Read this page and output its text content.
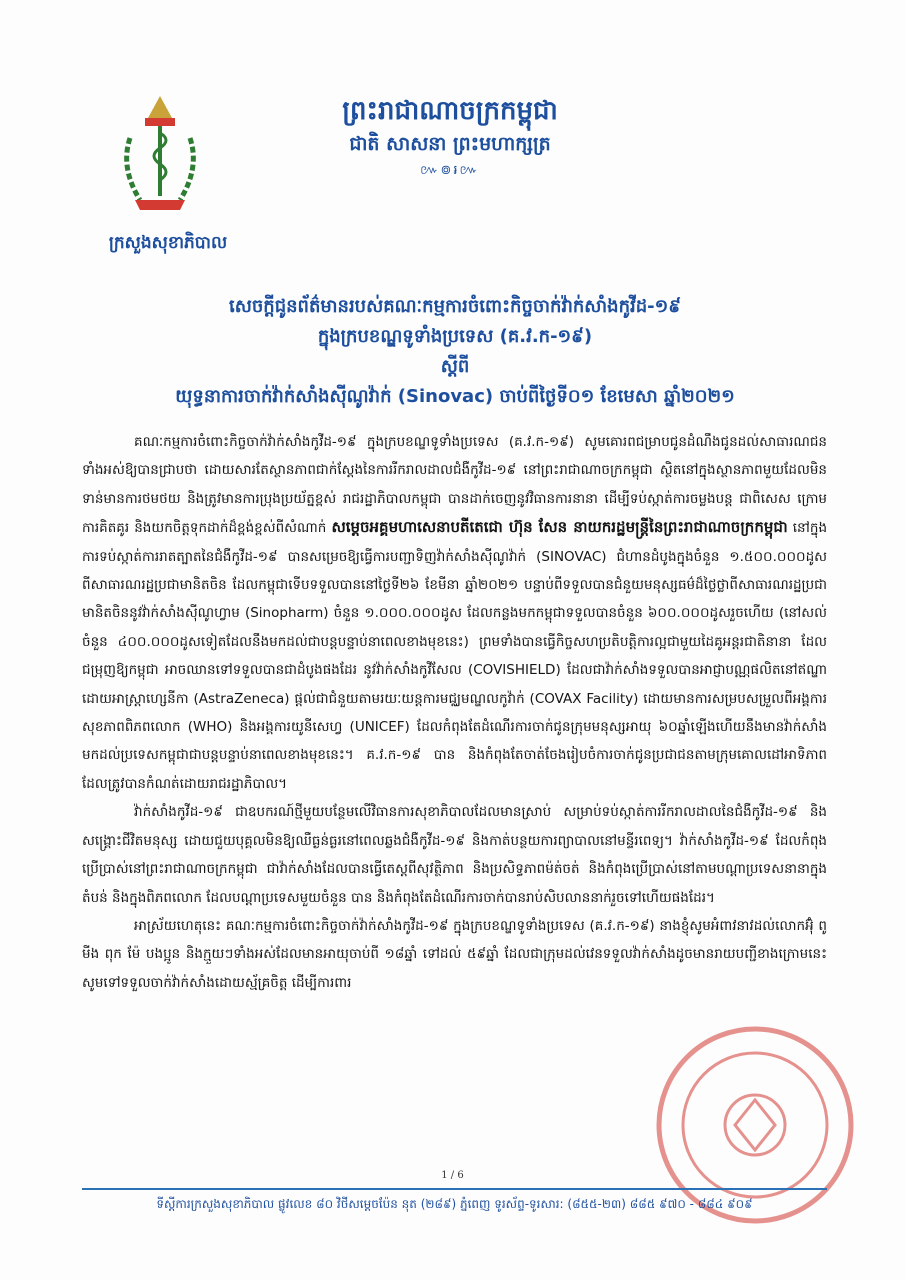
ក្រសួងសុខាភិបាល
ព្រះរាជាណាចក្រកម្ពុជា
ជាតិ សាសនា ព្រះមហាក្សត្រ
៚៙៛៚
សេចក្ដីជូនព័ត៌មានរបស់គណៈកម្មការចំពោះកិច្ចចាក់វ៉ាក់សាំងកូវីដ-១៩
ក្នុងក្របខណ្ឌទូទាំងប្រទេស (គ.វ.ក-១៩)
ស្ដីពី
យុទ្ធនាការចាក់វ៉ាក់សាំងស៊ីណូវ៉ាក់ (Sinovac) ចាប់ពីថ្ងៃទី០១ ខែមេសា ឆ្នាំ២០២១

គណៈកម្មការចំពោះកិច្ចចាក់វ៉ាក់សាំងកូវីដ-១៩ ក្នុងក្របខណ្ឌទូទាំងប្រទេស (គ.វ.ក-១៩) សូមគោរពជម្រាបជូនដំណឹងជូនដល់សាធារណជនទាំងអស់ឱ្យបានជ្រាបថា ដោយសារតែស្ថានភាពជាក់ស្ដែងនៃការរីករាលដាលជំងឺកូវីដ-១៩ នៅព្រះរាជាណាចក្រកម្ពុជា ស្ថិតនៅក្នុងស្ថានភាពមួយដែលមិនទាន់មានការថមថយ និងត្រូវមានការប្រុងប្រយ័ត្នខ្ពស់ រាជរដ្ឋាភិបាលកម្ពុជា បានដាក់ចេញនូវវិធានការនានា ដើម្បីទប់ស្កាត់ការចម្លងបន្ត ជាពិសេស ក្រោមការគិតគូរ និងយកចិត្តទុកដាក់ដ៏ខ្ពង់ខ្ពស់ពីសំណាក់ សម្ដេចអគ្គមហាសេនាបតីតេជោ ហ៊ុន សែន នាយករដ្ឋមន្ត្រីនៃព្រះរាជាណាចក្រកម្ពុជា នៅក្នុងការទប់ស្កាត់ការរាតត្បាតនៃជំងឺកូវីដ-១៩ បានសម្រេចឱ្យធ្វើការបញ្ជាទិញវ៉ាក់សាំងស៊ីណូវ៉ាក់ (SINOVAC) ជំហានដំបូងក្នុងចំនួន ១.៥០០.០០០ដូស ពីសាធារណរដ្ឋប្រជាមានិតចិន ដែលកម្ពុជាទើបទទួលបាននៅថ្ងៃទី២៦ ខែមីនា ឆ្នាំ២០២១ បន្ទាប់ពីទទួលបានជំនួយមនុស្សធម៌ដ៏ថ្លៃថ្លាពីសាធារណរដ្ឋប្រជាមានិតចិននូវវ៉ាក់សាំងស៊ីណូហ្វាម (Sinopharm) ចំនួន ១.០០០.០០០ដូស ដែលកន្លងមកកម្ពុជាទទួលបានចំនួន ៦០០.០០០ដូសរួចហើយ (នៅសល់ចំនួន ៤០០.០០០ដូសទៀតដែលនឹងមកដល់ជាបន្តបន្ទាប់នាពេលខាងមុខនេះ) ព្រមទាំងបានធ្វើកិច្ចសហប្រតិបត្តិការល្អជាមួយដៃគូអន្តរជាតិនានា ដែលជម្រុញឱ្យកម្ពុជា អាចឈានទៅទទួលបានជាដំបូងផងដែរ នូវវ៉ាក់សាំងកូវីសែល (COVISHIELD) ដែលជាវ៉ាក់សាំងទទួលបានអាជ្ញាបណ្ណផលិតនៅឥណ្ឌាដោយអាស្ត្រាហ្សេនីកា (AstraZeneca) ផ្ដល់ជាជំនួយតាមរយៈយន្តការមជ្ឈមណ្ឌលកូវ៉ាក់ (COVAX Facility) ដោយមានការសម្របសម្រួលពីអង្គការសុខភាពពិភពលោក (WHO) និងអង្គការយូនីសេហ្វ (UNICEF) ដែលកំពុងតែដំណើរការចាក់ជូនក្រុមមនុស្សអាយុ ៦០ឆ្នាំឡើងហើយនឹងមានវ៉ាក់សាំងមកដល់ប្រទេសកម្ពុជាជាបន្តបន្ទាប់នាពេលខាងមុខនេះ។ គ.វ.ក-១៩ បាន និងកំពុងតែចាត់ចែងរៀបចំការចាក់ជូនប្រជាជនតាមក្រុមគោលដៅអាទិភាពដែលត្រូវបានកំណត់ដោយរាជរដ្ឋាភិបាល។

វ៉ាក់សាំងកូវីដ-១៩ ជាឧបករណ៍ថ្មីមួយបន្ថែមលើវិធានការសុខាភិបាលដែលមានស្រាប់ សម្រាប់ទប់ស្កាត់ការរីករាលដាលនៃជំងឺកូវីដ-១៩ និងសង្គ្រោះជីវិតមនុស្ស ដោយជួយបុគ្គលមិនឱ្យឈឺធ្ងន់ធ្ងរនៅពេលឆ្លងជំងឺកូវីដ-១៩ និងកាត់បន្ថយការព្យាបាលនៅមន្ទីរពេទ្យ។ វ៉ាក់សាំងកូវីដ-១៩ ដែលកំពុងប្រើប្រាស់នៅព្រះរាជាណាចក្រកម្ពុជា ជាវ៉ាក់សាំងដែលបានធ្វើតេស្តពីសុវត្ថិភាព និងប្រសិទ្ធភាពម៉ត់ចត់ និងកំពុងប្រើប្រាស់នៅតាមបណ្ដាប្រទេសនានាក្នុងតំបន់ និងក្នុងពិភពលោក ដែលបណ្ដាប្រទេសមួយចំនួន បាន និងកំពុងតែដំណើរការចាក់បានរាប់សិបលាននាក់រួចទៅហើយផងដែរ។

អាស្រ័យហេតុនេះ គណៈកម្មការចំពោះកិច្ចចាក់វ៉ាក់សាំងកូវីដ-១៩ ក្នុងក្របខណ្ឌទូទាំងប្រទេស (គ.វ.ក-១៩) នាងខ្ញុំសូមអំពាវនាវដល់លោកអ៊ុំ ពូ មីង ពុក ម៉ែ បងប្អូន និងក្មួយៗទាំងអស់ដែលមានអាយុចាប់ពី ១៨ឆ្នាំ ទៅដល់ ៥៩ឆ្នាំ ដែលជាក្រុមដល់វេនទទួលវ៉ាក់សាំងដូចមានរាយបញ្ជីខាងក្រោមនេះ សូមទៅទទួលចាក់វ៉ាក់សាំងដោយស្ម័គ្រចិត្ត ដើម្បីការពារ

1 / 6
ទីស្ដីការក្រសួងសុខាភិបាល ផ្លូវលេខ ៨០ វិថីសម្ដេចប៉ែន នុត (២៨៩) ភ្នំពេញ ទូរស័ព្ទ-ទូរសារ: (៨៥៥-២៣) ៨៨៥ ៩៧០ - ៨៨៤ ៩០៩
